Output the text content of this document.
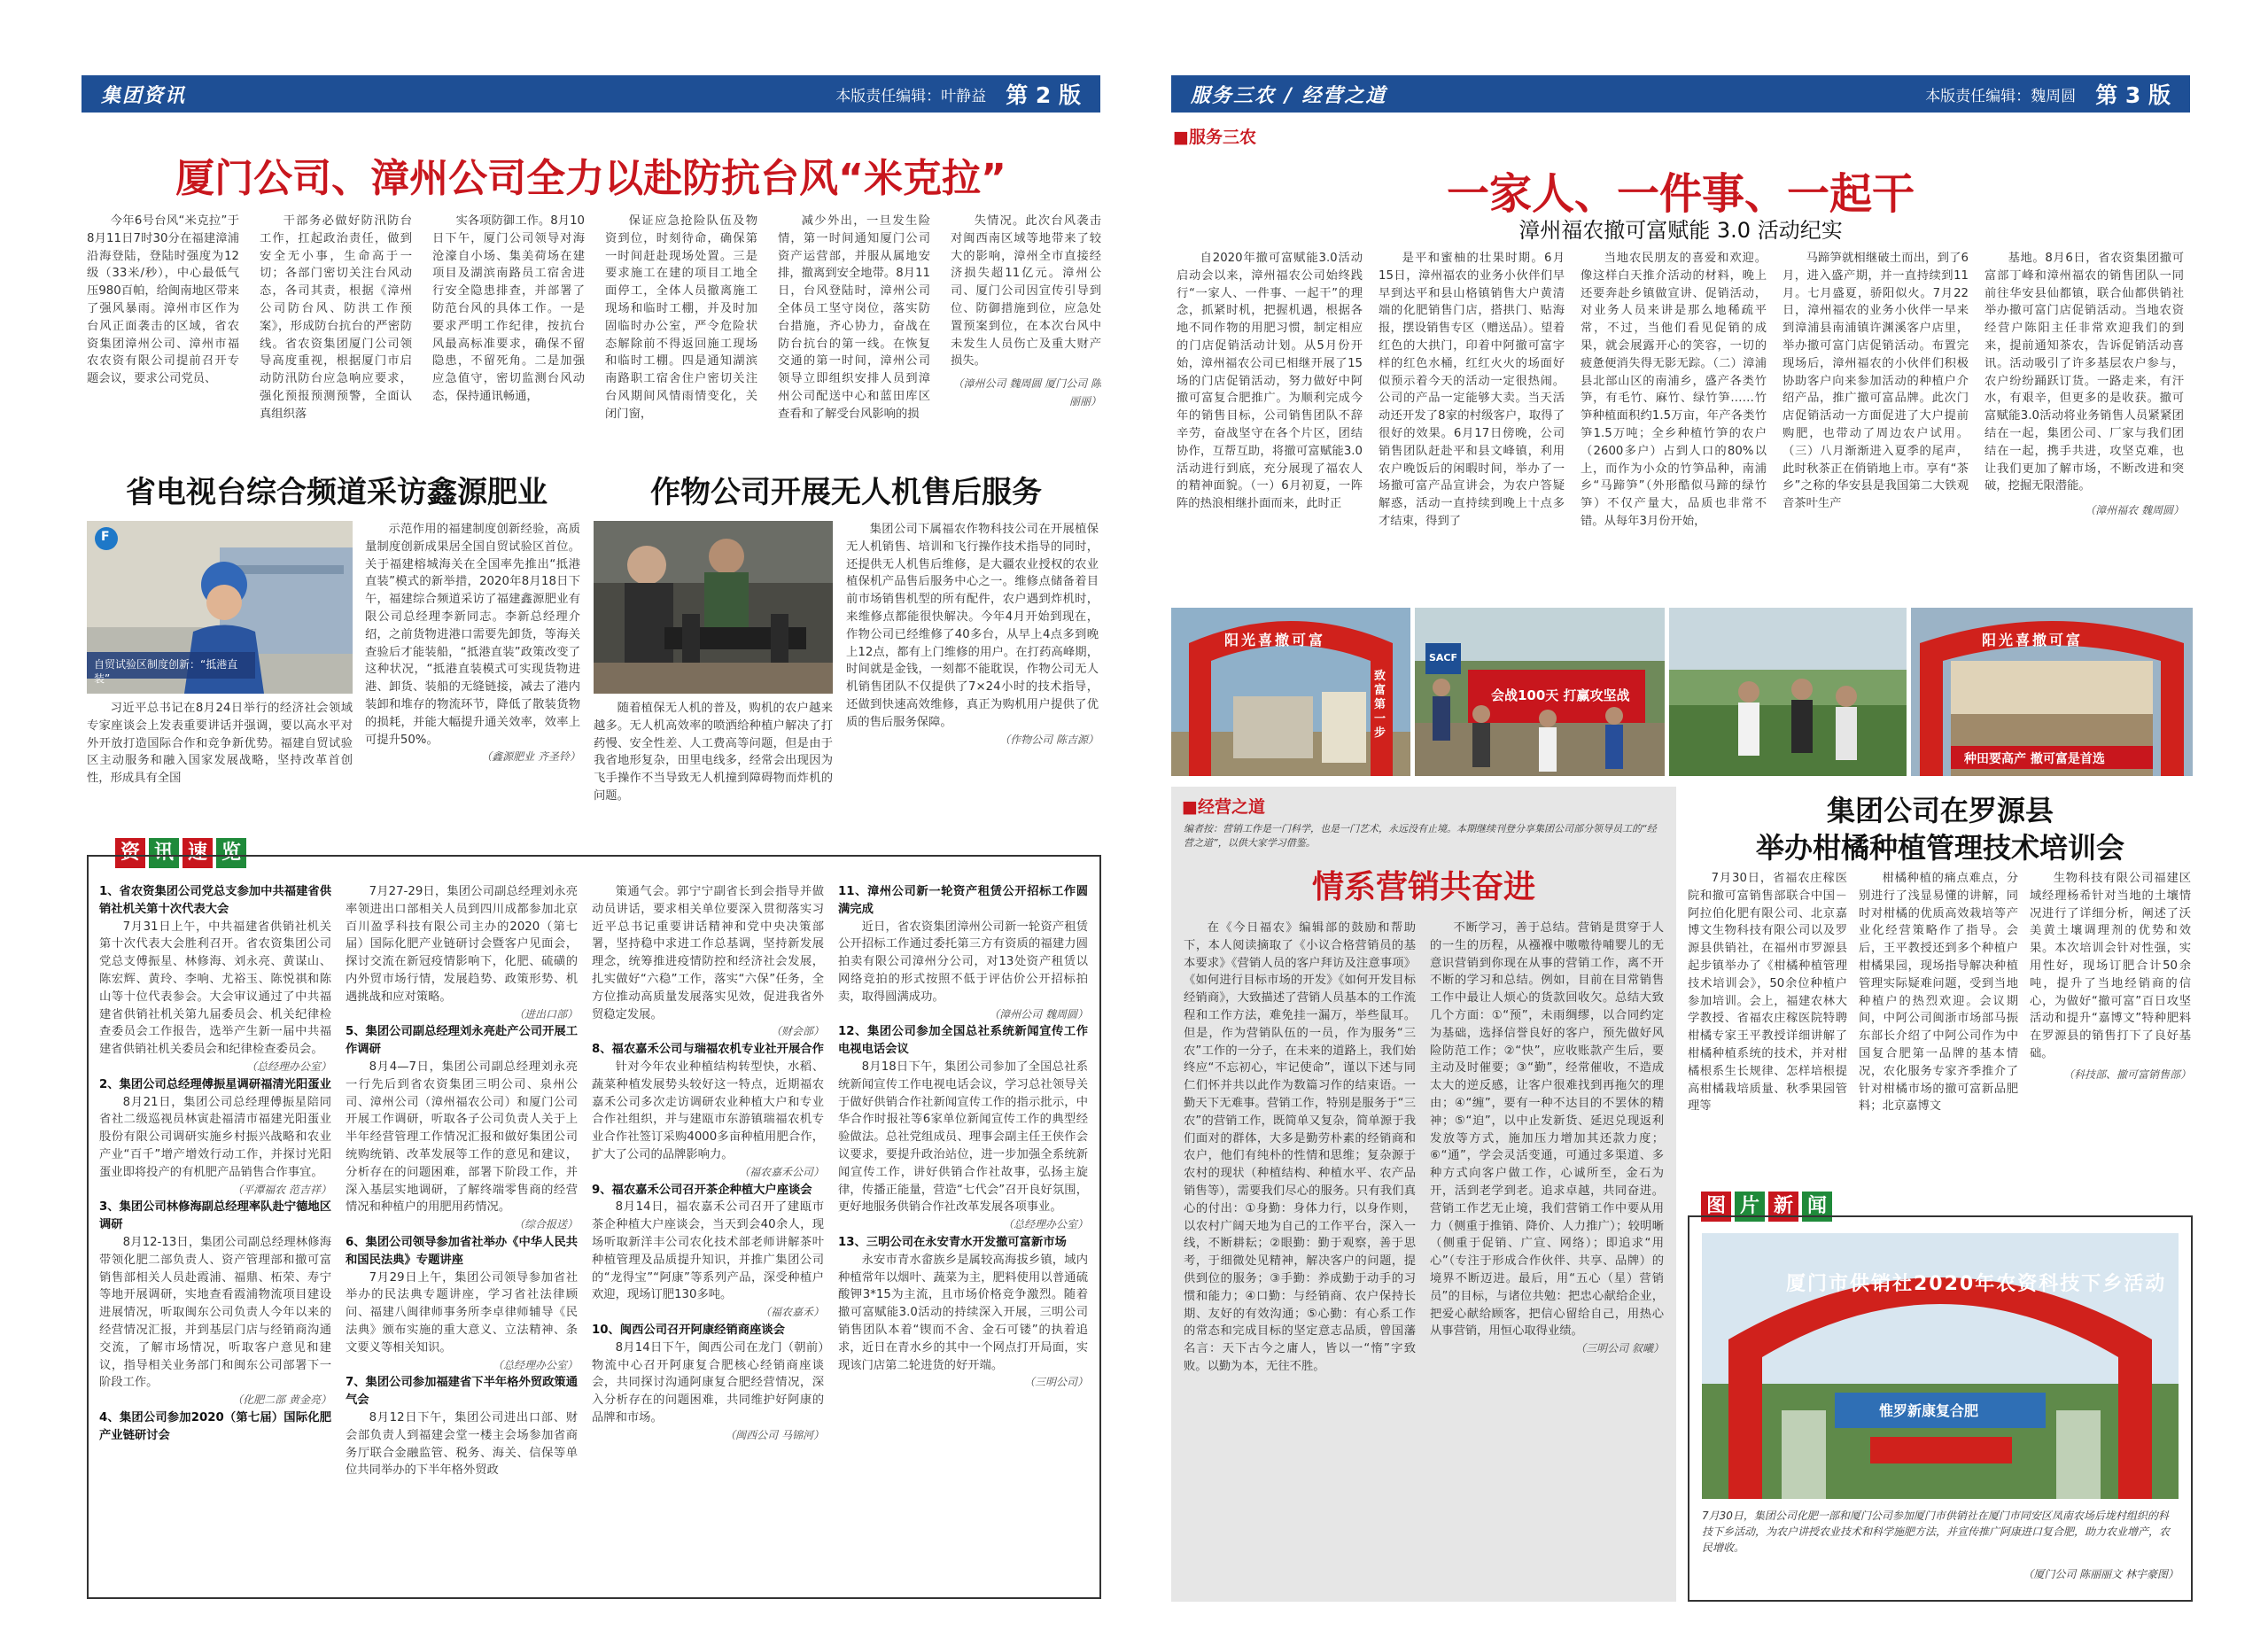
集团资讯	本版责任编辑：叶静益 第 2 版
厦门公司、漳州公司全力以赴防抗台风“米克拉”

今年6号台风“米克拉”于8月11日7时30分在福建漳浦沿海登陆，登陆时强度为12级（33米/秒），中心最低气压980百帕，给闽南地区带来了强风暴雨。漳州市区作为台风正面袭击的区域，省农资集团漳州公司、漳州市福农农资有限公司提前召开专题会议，要求公司党员、

干部务必做好防汛防台工作，扛起政治责任，做到安全无小事，生命高于一切；各部门密切关注台风动态，各司其责，根据《漳州公司防台风、防洪工作预案》，形成防台抗台的严密防线。省农资集团厦门公司领导高度重视，根据厦门市启动防汛防台应急响应要求，强化预报预测预警，全面认真组织落

实各项防御工作。8月10日下午，厦门公司领导对海沧濠自小场、集美荷场在建项目及湖滨南路员工宿舍进行安全隐患排查，并部署了防范台风的具体工作。一是要求严明工作纪律，按抗台风最高标准要求，确保不留隐患，不留死角。二是加强应急值守，密切监测台风动态，保持通讯畅通，

保证应急抢险队伍及物资到位，时刻待命，确保第一时间赶赴现场处置。三是要求施工在建的项目工地全面停工，全体人员撤离施工现场和临时工棚，并及时加固临时办公室，严令危险状态解除前不得返回施工现场和临时工棚。四是通知湖滨南路职工宿舍住户密切关注台风期间风情雨情变化，关闭门窗，

减少外出，一旦发生险情，第一时间通知厦门公司资产运营部，并服从属地安排，撤离到安全地带。8月11日，台风登陆时，漳州公司全体员工坚守岗位，落实防台措施，齐心协力，奋战在防台抗台的第一线。在恢复交通的第一时间，漳州公司领导立即组织安排人员到漳州公司配送中心和蓝田库区查看和了解受台风影响的损

失情况。此次台风袭击对闽西南区域等地带来了较大的影响，漳州全市直接经济损失超11亿元。漳州公司、厦门公司因宣传引导到位、防御措施到位，应急处置预案到位，在本次台风中未发生人员伤亡及重大财产损失。

（漳州公司 魏周圆 厦门公司 陈丽丽）
省电视台综合频道采访鑫源肥业
F
自贸试验区制度创新：“抵港直装”

习近平总书记在8月24日举行的经济社会领域专家座谈会上发表重要讲话并强调，要以高水平对外开放打造国际合作和竞争新优势。福建自贸试验区主动服务和融入国家发展战略，坚持改革首创性，形成具有全国

示范作用的福建制度创新经验，高质量制度创新成果居全国自贸试验区首位。关于福建榕城海关在全国率先推出“抵港直装”模式的新举措，2020年8月18日下午，福建综合频道采访了福建鑫源肥业有限公司总经理李新同志。李新总经理介绍，之前货物进港口需要先卸货，等海关查验后才能装船，“抵港直装”政策改变了这种状况，“抵港直装模式可实现货物进港、卸货、装船的无缝链接，减去了港内装卸和堆存的物流环节，降低了散装货物的损耗，并能大幅提升通关效率，效率上可提升50%。

（鑫源肥业 齐圣铃）
作物公司开展无人机售后服务

随着植保无人机的普及，购机的农户越来越多。无人机高效率的喷洒给种植户解决了打药慢、安全性差、人工费高等问题，但是由于我省地形复杂，田里电线多，经常会出现因为飞手操作不当导致无人机撞到障碍物而炸机的问题。

集团公司下属福农作物科技公司在开展植保无人机销售、培训和飞行操作技术指导的同时，还提供无人机售后维修，是大疆农业授权的农业植保机产品售后服务中心之一。维修点储备着目前市场销售机型的所有配件，农户遇到炸机时，来维修点都能很快解决。今年4月开始到现在，作物公司已经维修了40多台，从早上4点多到晚上12点，都有上门维修的用户。在打药高峰期，时间就是金钱，一刻都不能耽误，作物公司无人机销售团队不仅提供了7×24小时的技术指导，还做到快速高效维修，真正为购机用户提供了优质的售后服务保障。

（作物公司 陈吉源）
资 讯 速 览

1、省农资集团公司党总支参加中共福建省供销社机关第十次代表大会

7月31日上午，中共福建省供销社机关第十次代表大会胜利召开。省农资集团公司党总支傅振星、林修海、刘永亮、黄谋山、陈宏辉、黄玲、李响、尤裕玉、陈悦祺和陈山等十位代表参会。大会审议通过了中共福建省供销社机关第九届委员会、机关纪律检查委员会工作报告，选举产生新一届中共福建省供销社机关委员会和纪律检查委员会。

（总经理办公室）

2、集团公司总经理傅振星调研福清光阳蛋业

8月21日，集团公司总经理傅振星陪同省社二级巡视员林寅赴福清市福建光阳蛋业股份有限公司调研实施乡村振兴战略和农业产业“百千”增产增效行动工作，并探讨光阳蛋业即将投产的有机肥产品销售合作事宜。

（平潭福农 范吉祥）

3、集团公司林修海副总经理率队赴宁德地区调研

8月12-13日，集团公司副总经理林修海带领化肥二部负责人、资产管理部和撤可富销售部相关人员赴霞浦、福鼎、柘荣、寿宁等地开展调研，实地查看霞浦物流项目建设进展情况，听取闽东公司负责人今年以来的经营情况汇报，并到基层门店与经销商沟通交流，了解市场情况，听取客户意见和建议，指导相关业务部门和闽东公司部署下一阶段工作。

（化肥二部 黄金亮）

4、集团公司参加2020（第七届）国际化肥产业链研讨会

7月27-29日，集团公司副总经理刘永亮率领进出口部相关人员到四川成都参加北京百川盈孚科技有限公司主办的2020（第七届）国际化肥产业链研讨会暨客户见面会，探讨交流在新冠疫情影响下，化肥、硫磺的内外贸市场行情，发展趋势、政策形势、机遇挑战和应对策略。

（进出口部）

5、集团公司副总经理刘永亮赴产公司开展工作调研

8月4—7日，集团公司副总经理刘永亮一行先后到省农资集团三明公司、泉州公司、漳州公司（漳州福农公司）和厦门公司开展工作调研，听取各子公司负责人关于上半年经营管理工作情况汇报和做好集团公司统购统销、改革发展等工作的意见和建议，分析存在的问题困难，部署下阶段工作，并深入基层实地调研，了解终端零售商的经营情况和种植户的用肥用药情况。

（综合报送）

6、集团公司领导参加省社举办《中华人民共和国民法典》专题讲座

7月29日上午，集团公司领导参加省社举办的民法典专题讲座，学习省社法律顾问、福建八闽律师事务所李卓律师辅导《民法典》颁布实施的重大意义、立法精神、条文要义等相关知识。

（总经理办公室）

7、集团公司参加福建省下半年格外贸政策通气会

8月12日下午，集团公司进出口部、财会部负责人到福建会堂一楼主会场参加省商务厅联合金融监管、税务、海关、信保等单位共同举办的下半年格外贸政

策通气会。郭宁宁副省长到会指导并做动员讲话，要求相关单位要深入贯彻落实习近平总书记重要讲话精神和党中央决策部署，坚持稳中求进工作总基调，坚持新发展理念，统筹推进疫情防控和经济社会发展，扎实做好“六稳”工作，落实“六保”任务，全方位推动高质量发展落实见效，促进我省外贸稳定发展。

（财会部）

8、福农嘉禾公司与瑞福农机专业社开展合作

针对今年农业种植结构转型快，水稻、蔬菜种植发展势头较好这一特点，近期福农嘉禾公司多次走访调研农业种植大户和专业合作社组织，并与建瓯市东游镇瑞福农机专业合作社签订采购4000多亩种植用肥合作，扩大了公司的品牌影响力。

（福农嘉禾公司）

9、福农嘉禾公司召开茶企种植大户座谈会

8月14日，福农嘉禾公司召开了建瓯市茶企种植大户座谈会，当天到会40余人，现场听取新洋丰公司农化技术部老师讲解茶叶种植管理及品质提升知识，并推广集团公司的“龙得宝”“阿康”等系列产品，深受种植户欢迎，现场订肥130多吨。

（福农嘉禾）

10、闽西公司召开阿康经销商座谈会

8月14日下午，闽西公司在龙门（朝前）物流中心召开阿康复合肥核心经销商座谈会，共同探讨沟通阿康复合肥经营情况，深入分析存在的问题困难，共同维护好阿康的品牌和市场。

（闽西公司 马锦河）

11、漳州公司新一轮资产租赁公开招标工作圆满完成

近日，省农资集团漳州公司新一轮资产租赁公开招标工作通过委托第三方有资质的福建力圆拍卖有限公司漳州分公司，对13处资产租赁以网络竞拍的形式按照不低于评估价公开招标拍卖，取得圆满成功。

（漳州公司 魏周圆）

12、集团公司参加全国总社系统新闻宣传工作电视电话会议

8月18日下午，集团公司参加了全国总社系统新闻宣传工作电视电话会议，学习总社领导关于做好供销合作社新闻宣传工作的指示批示，中华合作时报社等6家单位新闻宣传工作的典型经验做法。总社党组成员、理事会副主任王侠作会议要求，要提升政治站位，进一步加强全系统新闻宣传工作，讲好供销合作社故事，弘扬主旋律，传播正能量，营造“七代会”召开良好氛围，更好地服务供销合作社改革发展各项事业。

（总经理办公室）

13、三明公司在永安青水开发撤可富新市场

永安市青水畲族乡是属较高海拔乡镇，域内种植常年以烟叶、蔬菜为主，肥料使用以普通硫酸钾3*15为主流，且市场价格竞争激烈。随着撤可富赋能3.0活动的持续深入开展，三明公司销售团队本着“锲而不舍、金石可镂”的执着追求，近日在青水乡的其中一个网点打开局面，实现该门店第二轮进货的好开端。

（三明公司）
服务三农 / 经营之道	本版责任编辑：魏周圆 第 3 版
■服务三农
一家人、一件事、一起干
漳州福农撤可富赋能 3.0 活动纪实

自2020年撤可富赋能3.0活动启动会以来，漳州福农公司始终践行“一家人、一件事、一起干”的理念，抓紧时机，把握机遇，根据各地不同作物的用肥习惯，制定相应的门店促销活动计划。从5月份开始，漳州福农公司已相继开展了15场的门店促销活动，努力做好中阿撤可富复合肥推广。为顺利完成今年的销售目标，公司销售团队不辞辛劳，奋战坚守在各个片区，团结协作，互帮互助，将撤可富赋能3.0活动进行到底，充分展现了福农人的精神面貌。（一）6月初夏，一阵阵的热浪相继扑面而来，此时正

是平和蜜柚的壮果时期。6月15日，漳州福农的业务小伙伴们早早到达平和县山格镇销售大户黄清端的化肥销售门店，搭拱门、贴海报，摆设销售专区（赠送品）。望着红色的大拱门，印着中阿撤可富字样的红色水桶，红红火火的场面好似预示着今天的活动一定很热闹。公司的产品一定能够大卖。当天活动还开发了8家的村级客户，取得了很好的效果。6月17日傍晚，公司销售团队赶赴平和县文峰镇，利用农户晚饭后的闲暇时间，举办了一场撤可富产品宣讲会，为农户答疑解惑，活动一直持续到晚上十点多才结束，得到了

当地农民朋友的喜爱和欢迎。像这样白天推介活动的材料，晚上还要奔赴乡镇做宣讲、促销活动，对业务人员来讲是那么地稀疏平常，不过，当他们看见促销的成果，就会展露开心的笑容，一切的疲惫便消失得无影无踪。（二）漳浦县北部山区的南浦乡，盛产各类竹笋，有毛竹、麻竹、绿竹笋……竹笋种植面积约1.5万亩，年产各类竹笋1.5万吨；全乡种植竹笋的农户（2600多户）占到人口的80%以上，而作为小众的竹笋品种，南浦乡“马蹄笋”（外形酷似马蹄的绿竹笋）不仅产量大，品质也非常不错。从每年3月份开始，

马蹄笋就相继破土而出，到了6月，进入盛产期，并一直持续到11月。七月盛夏，骄阳似火。7月22日，漳州福农的业务小伙伴一早来到漳浦县南浦镇许渊溪客户店里，举办撤可富门店促销活动。布置完现场后，漳州福农的小伙伴们积极协助客户向来参加活动的种植户介绍产品，推广撤可富品牌。此次门店促销活动一方面促进了大户提前购肥，也带动了周边农户试用。（三）八月渐渐进入夏季的尾声，此时秋茶正在俏销地上市。享有“茶乡”之称的华安县是我国第二大铁观音茶叶生产

基地。8月6日，省农资集团撤可富部丁峰和漳州福农的销售团队一同前往华安县仙都镇，联合仙都供销社举办撤可富门店促销活动。当地农资经营户陈阳主任非常欢迎我们的到来，提前通知茶农，告诉促销活动喜讯。活动吸引了许多基层农户参与，农户纷纷踊跃订货。一路走来，有汗水，有艰辛，但更多的是收获。撤可富赋能3.0活动将业务销售人员紧紧团结在一起，集团公司、厂家与我们团结在一起，携手共进，攻坚克难，也让我们更加了解市场，不断改进和突破，挖掘无限潜能。

（漳州福农 魏周圆）
阳光喜撤可富
致富第一步
会战100天 打赢攻坚战
SACF
阳光喜撤可富
种田要高产 撤可富是首选
■经营之道
编者按：营销工作是一门科学，也是一门艺术，永远没有止境。本期继续刊登分享集团公司部分领导员工的“经营之道”，以供大家学习借鉴。
情系营销共奋进

在《今日福农》编辑部的鼓励和帮助下，本人阅读摘取了《小议合格营销员的基本要求》《营销人员的客户拜访及注意事项》《如何进行目标市场的开发》《如何开发目标经销商》，大致描述了营销人员基本的工作流程和工作方法，难免挂一漏万，举些鼠耳。但是，作为营销队伍的一员，作为服务“三农”工作的一分子，在未来的道路上，我们始终应“不忘初心，牢记使命”，谨以下述与同仁们怀并共以此作为数篇习作的结束语。一勤天下无难事。营销工作，特别是服务于“三农”的营销工作，既简单又复杂，简单源于我们面对的群体，大多是勤劳朴素的经销商和农户，他们有纯朴的性情和思维；复杂源于农村的现状（种植结构、种植水平、农产品销售等），需要我们尽心的服务。只有我们真心的付出：①身勤：身体力行，以身作则，以农村广阔天地为自己的工作平台，深入一线，不断耕耘；②眼勤：勤于观察，善于思考，于细微处见精神，解决客户的问题，提供到位的服务；③手勤：养成勤于动手的习惯和能力；④口勤：与经销商、农户保持长期、友好的有效沟通；⑤心勤：有心系工作的常态和完成目标的坚定意志品质，曾国藩名言：天下古今之庸人，皆以一“惰”字致败。以勤为本，无往不胜。

不断学习，善于总结。营销是贯穿于人的一生的历程，从襁褓中嗷嗷待哺婴儿的无意识营销到你现在从事的营销工作，离不开不断的学习和总结。例如，目前在目常销售工作中最让人烦心的货款回收欠。总结大致几个方面：①“预”，未雨绸缪，以合同约定为基础，选择信誉良好的客户，预先做好风险防范工作；②“快”，应收账款产生后，要主动及时催要；③“勤”，经常催收，不造成太大的逆反感，让客户很难找到再拖欠的理由；④“缠”，要有一种不达目的不罢休的精神；⑤“迫”，以中止发新货、延迟兑现返利发放等方式，施加压力增加其还款力度；⑥“通”，学会灵活变通，可通过多渠道、多种方式向客户做工作，心诚所至，金石为开，活到老学到老。追求卓越，共同奋进。营销工作艺无止境，我们营销工作中要从用力（侧重于推销、降价、人力推广）；较明晰（侧重于促销、广宣、网络）；即追求“用心”（专注于形成合作伙伴、共享、品牌）的境界不断迈进。最后，用“五心（星）营销员”的目标，与诸位共勉：把忠心献给企业，把爱心献给顾客，把信心留给自己，用热心从事营销，用恒心取得业绩。

（三明公司 叙曦）
集团公司在罗源县
举办柑橘种植管理技术培训会

7月30日，省福农庄稼医院和撤可富销售部联合中国－阿拉伯化肥有限公司、北京嘉博文生物科技有限公司以及罗源县供销社，在福州市罗源县起步镇举办了《柑橘种植管理技术培训会》，50余位种植户参加培训。会上，福建农林大学教授、省福农庄稼医院特聘柑橘专家王平教授详细讲解了柑橘种植系统的技术，并对柑橘根系生长规律、怎样培根提高柑橘栽培质量、秋季果园管理等

柑橘种植的痛点难点，分别进行了浅显易懂的讲解，同时对柑橘的优质高效栽培等产业化经营策略作了指导。会后，王平教授还到多个种植户柑橘果园，现场指导解决种植管理实际疑难问题，受到当地种植户的热烈欢迎。会议期间，中阿公司闽浙市场部马振东部长介绍了中阿公司作为中国复合肥第一品牌的基本情况，农化服务专家齐季推介了针对柑橘市场的撤可富新品肥料；北京嘉博文

生物科技有限公司福建区域经理杨希针对当地的土壤情况进行了详细分析，阐述了沃美黄土壤调理剂的优势和效果。本次培训会针对性强，实用性好，现场订肥合计50余吨，提升了当地经销商的信心，为做好“撤可富”百日攻坚活动和提升“嘉博文”特种肥料在罗源县的销售打下了良好基础。

（科技部、撤可富销售部）
图 片 新 闻
厦门市供销社2020年农资科技下乡活动
惟罗新康复合肥
7月30日，集团公司化肥一部和厦门公司参加厦门市供销社在厦门市同安区凤南农场后垅村组织的科技下乡活动，为农户讲授农业技术和科学施肥方法，并宣传推广阿康进口复合肥，助力农业增产，农民增收。
（厦门公司 陈丽丽文 林宇豪图）
